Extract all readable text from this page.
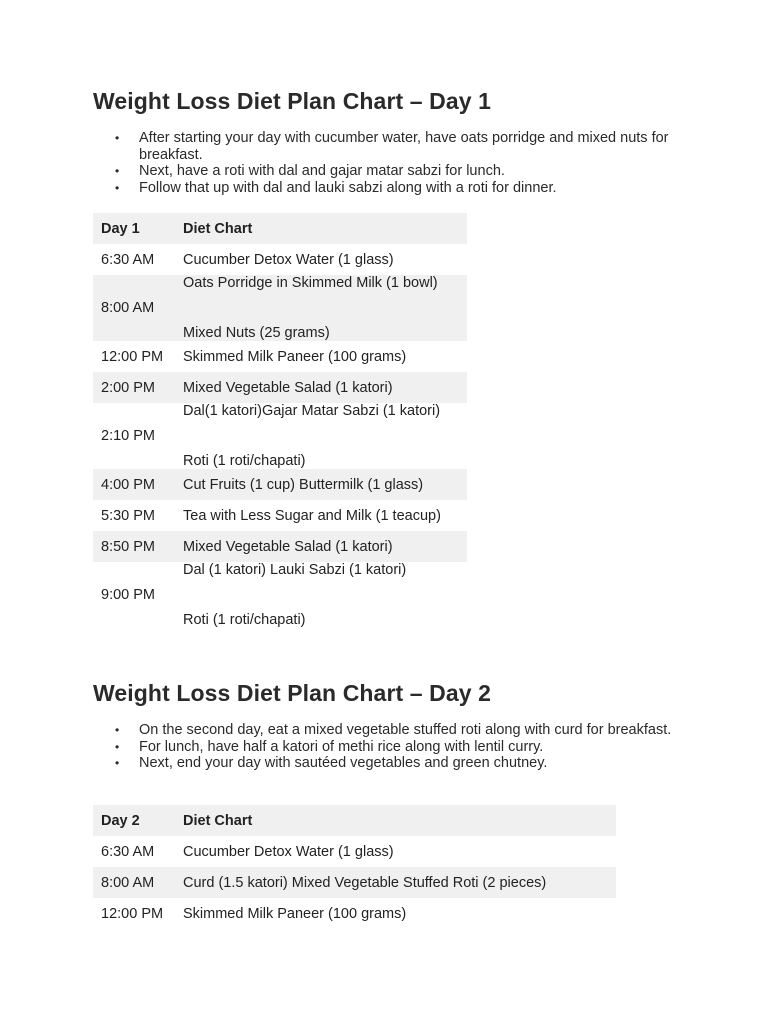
Weight Loss Diet Plan Chart – Day 1
• After starting your day with cucumber water, have oats porridge and mixed nuts for breakfast.
• Next, have a roti with dal and gajar matar sabzi for lunch.
• Follow that up with dal and lauki sabzi along with a roti for dinner.
Day 1	Diet Chart
6:30 AM	Cucumber Detox Water (1 glass)
8:00 AM	Oats Porridge in Skimmed Milk (1 bowl)
Mixed Nuts (25 grams)

12:00 PM	Skimmed Milk Paneer (100 grams)
2:00 PM	Mixed Vegetable Salad (1 katori)
2:10 PM	Dal(1 katori)Gajar Matar Sabzi (1 katori)
Roti (1 roti/chapati)

4:00 PM	Cut Fruits (1 cup) Buttermilk (1 glass)
5:30 PM	Tea with Less Sugar and Milk (1 teacup)
8:50 PM	Mixed Vegetable Salad (1 katori)
9:00 PM	Dal (1 katori) Lauki Sabzi (1 katori)
Roti (1 roti/chapati)
Weight Loss Diet Plan Chart – Day 2
• On the second day, eat a mixed vegetable stuffed roti along with curd for breakfast.
• For lunch, have half a katori of methi rice along with lentil curry.
• Next, end your day with sautéed vegetables and green chutney.
Day 2	Diet Chart
6:30 AM	Cucumber Detox Water (1 glass)
8:00 AM	Curd (1.5 katori) Mixed Vegetable Stuffed Roti (2 pieces)
12:00 PM	Skimmed Milk Paneer (100 grams)
